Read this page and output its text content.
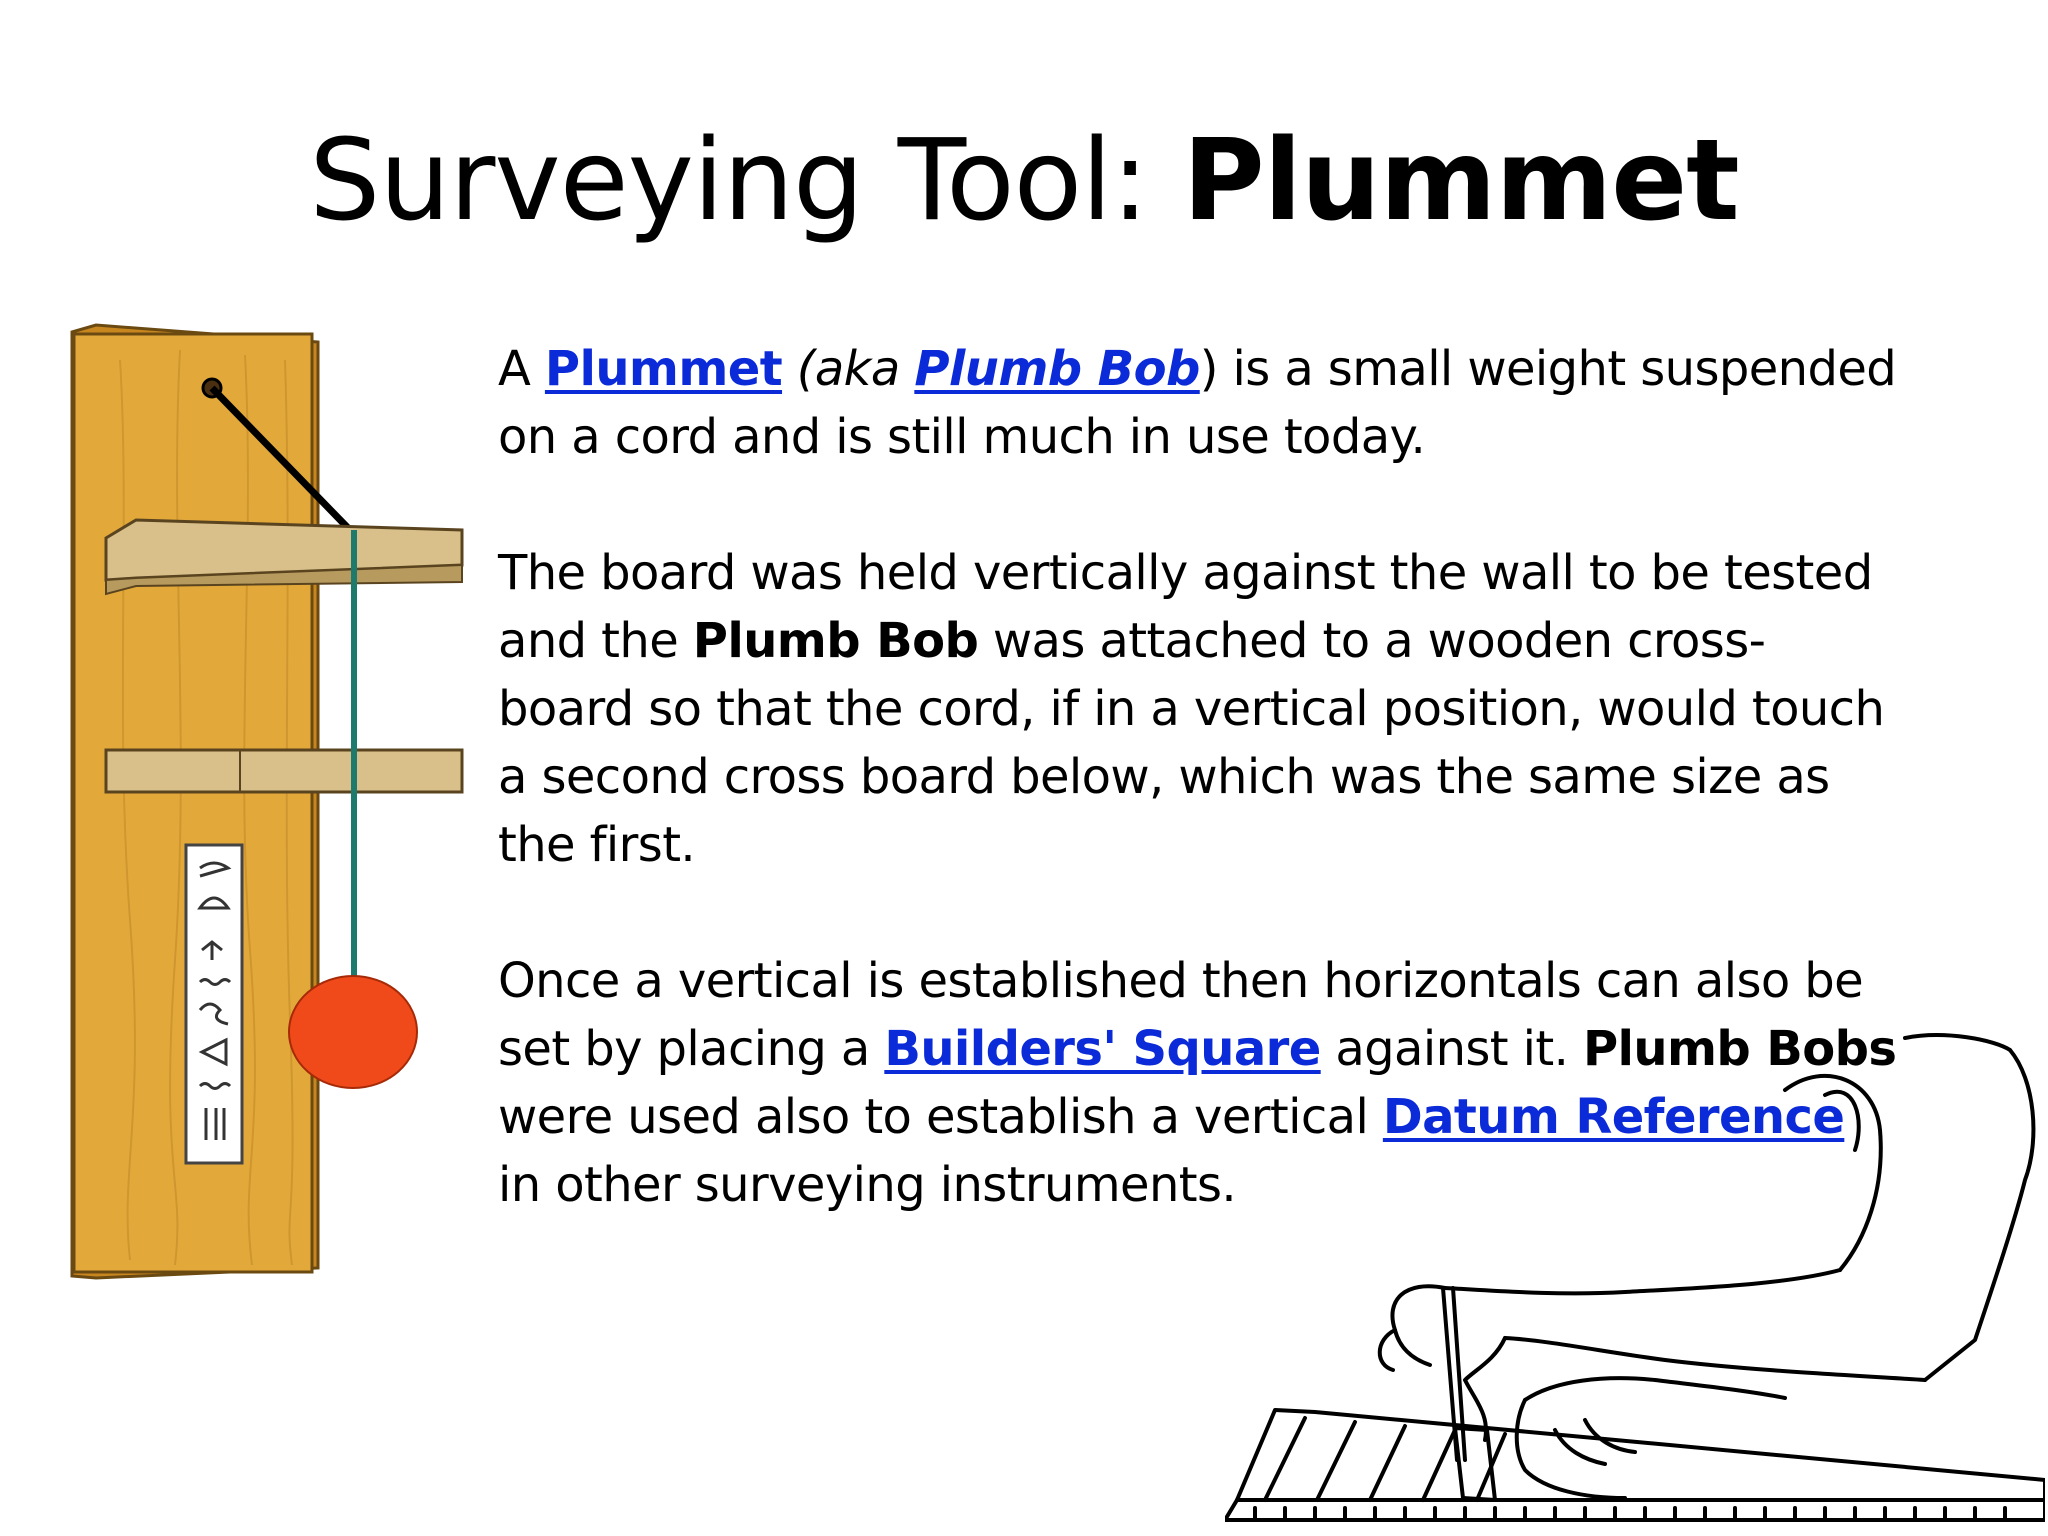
Surveying Tool: Plummet

A Plummet (aka Plumb Bob) is a small weight suspended on a cord and is still much in use today.

The board was held vertically against the wall to be tested and the Plumb Bob was attached to a wooden cross-board so that the cord, if in a vertical position, would touch a second cross board below, which was the same size as the first.

Once a vertical is established then horizontals can also be set by placing a Builders' Square against it. Plumb Bobs were used also to establish a vertical Datum Reference in other surveying instruments.
